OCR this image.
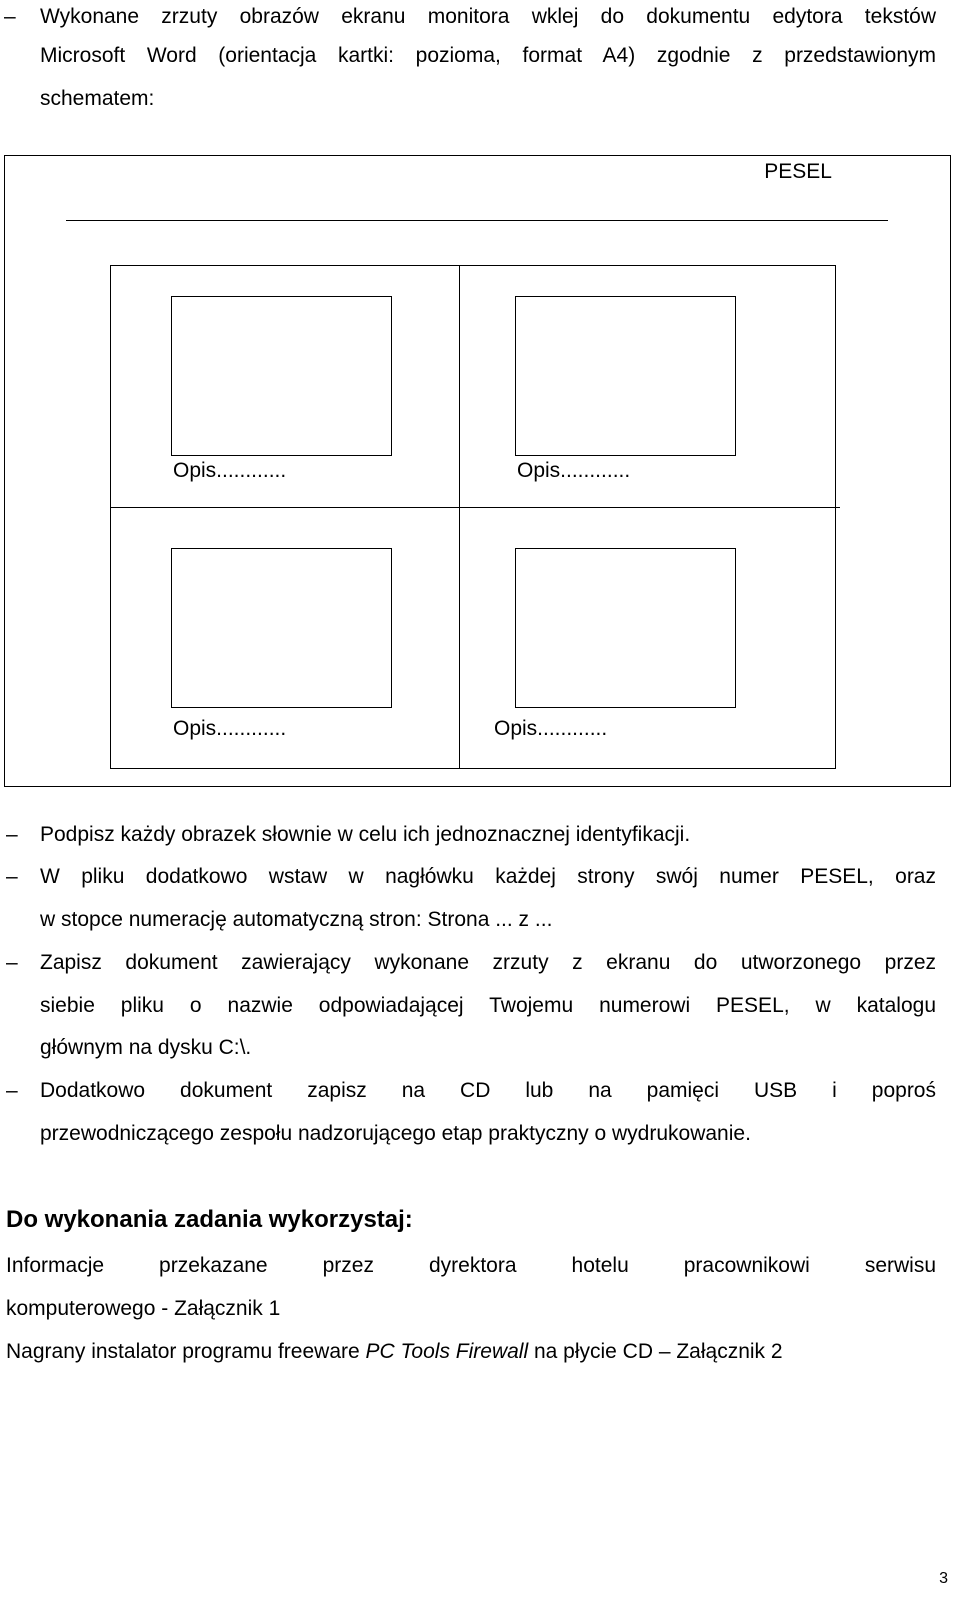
– Wykonane zrzuty obrazów ekranu monitora wklej do dokumentu edytora tekstów
Microsoft Word (orientacja kartki: pozioma, format A4) zgodnie z przedstawionym
schematem:
PESEL
Opis............	Opis............
Opis............	Opis............
– Podpisz każdy obrazek słownie w celu ich jednoznacznej identyfikacji.
– W pliku dodatkowo wstaw w nagłówku każdej strony swój numer PESEL, oraz
w stopce numerację automatyczną stron: Strona ... z ...
– Zapisz dokument zawierający wykonane zrzuty z ekranu do utworzonego przez
siebie pliku o nazwie odpowiadającej Twojemu numerowi PESEL, w katalogu
głównym na dysku C:\.
– Dodatkowo dokument zapisz na CD lub na pamięci USB i poproś
przewodniczącego zespołu nadzorującego etap praktyczny o wydrukowanie.
Do wykonania zadania wykorzystaj:
Informacje przekazane przez dyrektora hotelu pracownikowi serwisu
komputerowego - Załącznik 1
Nagrany instalator programu freeware PC Tools Firewall na płycie CD – Załącznik 2
3
